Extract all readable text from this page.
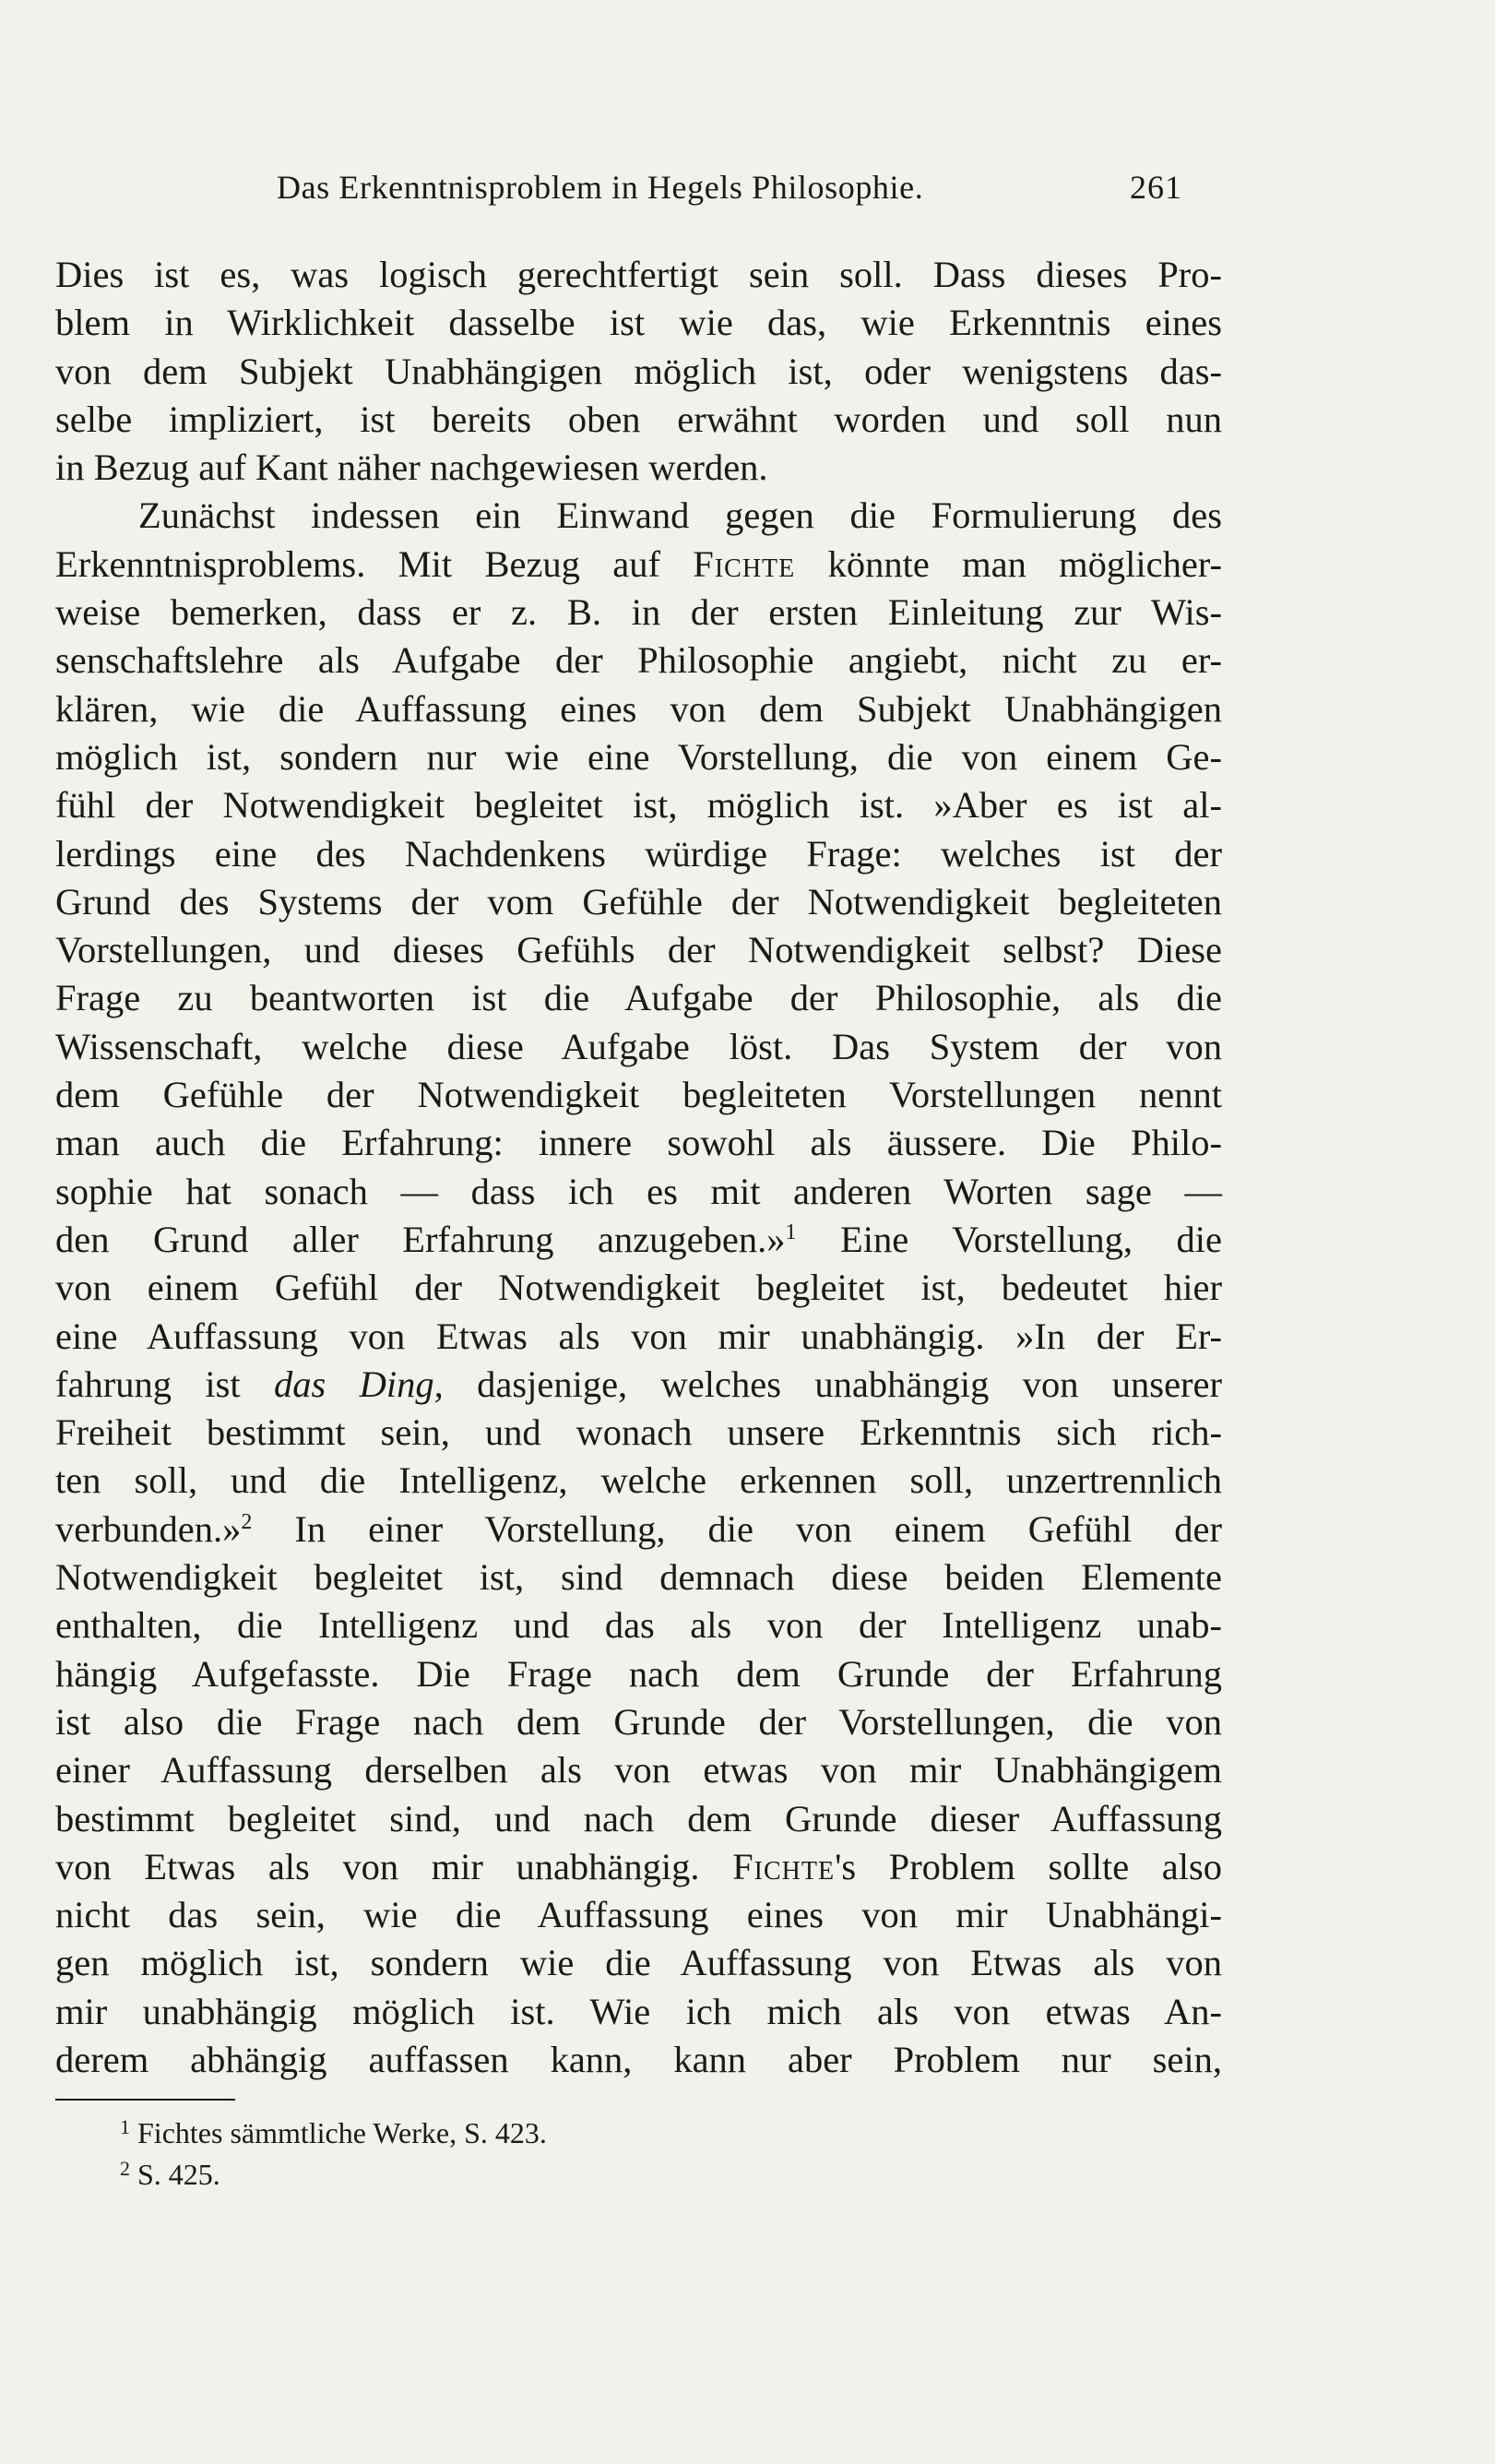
Das Erkenntnisproblem in Hegels Philosophie.	261
Dies ist es, was logisch gerechtfertigt sein soll. Dass dieses Pro-
blem in Wirklichkeit dasselbe ist wie das, wie Erkenntnis eines
von dem Subjekt Unabhängigen möglich ist, oder wenigstens das-
selbe impliziert, ist bereits oben erwähnt worden und soll nun
in Bezug auf Kant näher nachgewiesen werden.
Zunächst indessen ein Einwand gegen die Formulierung des
Erkenntnisproblems. Mit Bezug auf Fichte könnte man möglicher-
weise bemerken, dass er z. B. in der ersten Einleitung zur Wis-
senschaftslehre als Aufgabe der Philosophie angiebt, nicht zu er-
klären, wie die Auffassung eines von dem Subjekt Unabhängigen
möglich ist, sondern nur wie eine Vorstellung, die von einem Ge-
fühl der Notwendigkeit begleitet ist, möglich ist. »Aber es ist al-
lerdings eine des Nachdenkens würdige Frage: welches ist der
Grund des Systems der vom Gefühle der Notwendigkeit begleiteten
Vorstellungen, und dieses Gefühls der Notwendigkeit selbst? Diese
Frage zu beantworten ist die Aufgabe der Philosophie, als die
Wissenschaft, welche diese Aufgabe löst. Das System der von
dem Gefühle der Notwendigkeit begleiteten Vorstellungen nennt
man auch die Erfahrung: innere sowohl als äussere. Die Philo-
sophie hat sonach — dass ich es mit anderen Worten sage —
den Grund aller Erfahrung anzugeben.»$^1$ Eine Vorstellung, die
von einem Gefühl der Notwendigkeit begleitet ist, bedeutet hier
eine Auffassung von Etwas als von mir unabhängig. »In der Er-
fahrung ist das Ding, dasjenige, welches unabhängig von unserer
Freiheit bestimmt sein, und wonach unsere Erkenntnis sich rich-
ten soll, und die Intelligenz, welche erkennen soll, unzertrennlich
verbunden.»$^2$ In einer Vorstellung, die von einem Gefühl der
Notwendigkeit begleitet ist, sind demnach diese beiden Elemente
enthalten, die Intelligenz und das als von der Intelligenz unab-
hängig Aufgefasste. Die Frage nach dem Grunde der Erfahrung
ist also die Frage nach dem Grunde der Vorstellungen, die von
einer Auffassung derselben als von etwas von mir Unabhängigem
bestimmt begleitet sind, und nach dem Grunde dieser Auffassung
von Etwas als von mir unabhängig. Fichte's Problem sollte also
nicht das sein, wie die Auffassung eines von mir Unabhängi-
gen möglich ist, sondern wie die Auffassung von Etwas als von
mir unabhängig möglich ist. Wie ich mich als von etwas An-
derem abhängig auffassen kann, kann aber Problem nur sein,
$^1$ Fichtes sämmtliche Werke, S. 423.
$^2$ S. 425.
